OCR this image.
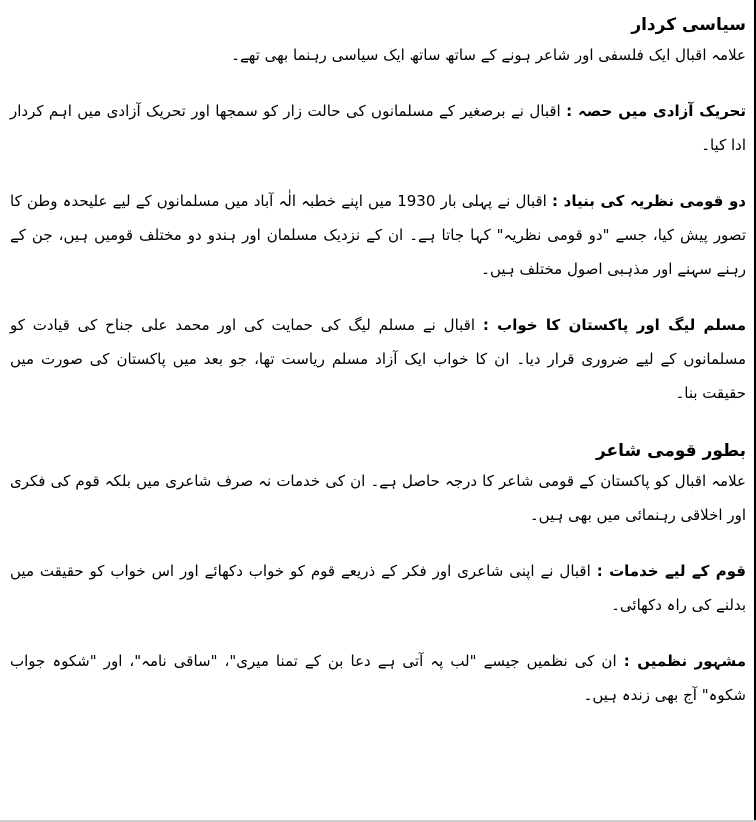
سیاسی کردار

علامہ اقبال ایک فلسفی اور شاعر ہونے کے ساتھ ساتھ ایک سیاسی رہنما بھی تھے۔

تحریک آزادی میں حصہ : اقبال نے برصغیر کے مسلمانوں کی حالت زار کو سمجھا اور تحریک آزادی میں اہم کردار ادا کیا۔

دو قومی نظریہ کی بنیاد : اقبال نے پہلی بار 1930 میں اپنے خطبہ الٰہ آباد میں مسلمانوں کے لیے علیحدہ وطن کا تصور پیش کیا، جسے "دو قومی نظریہ" کہا جاتا ہے۔ ان کے نزدیک مسلمان اور ہندو دو مختلف قومیں ہیں، جن کے رہنے سہنے اور مذہبی اصول مختلف ہیں۔

مسلم لیگ اور پاکستان کا خواب : اقبال نے مسلم لیگ کی حمایت کی اور محمد علی جناح کی قیادت کو مسلمانوں کے لیے ضروری قرار دیا۔ ان کا خواب ایک آزاد مسلم ریاست تھا، جو بعد میں پاکستان کی صورت میں حقیقت بنا۔

بطور قومی شاعر

علامہ اقبال کو پاکستان کے قومی شاعر کا درجہ حاصل ہے۔ ان کی خدمات نہ صرف شاعری میں بلکہ قوم کی فکری اور اخلاقی رہنمائی میں بھی ہیں۔

قوم کے لیے خدمات : اقبال نے اپنی شاعری اور فکر کے ذریعے قوم کو خواب دکھائے اور اس خواب کو حقیقت میں بدلنے کی راہ دکھائی۔

مشہور نظمیں : ان کی نظمیں جیسے "لب پہ آتی ہے دعا بن کے تمنا میری"، "ساقی نامہ"، اور "شکوہ جواب شکوہ" آج بھی زندہ ہیں۔
